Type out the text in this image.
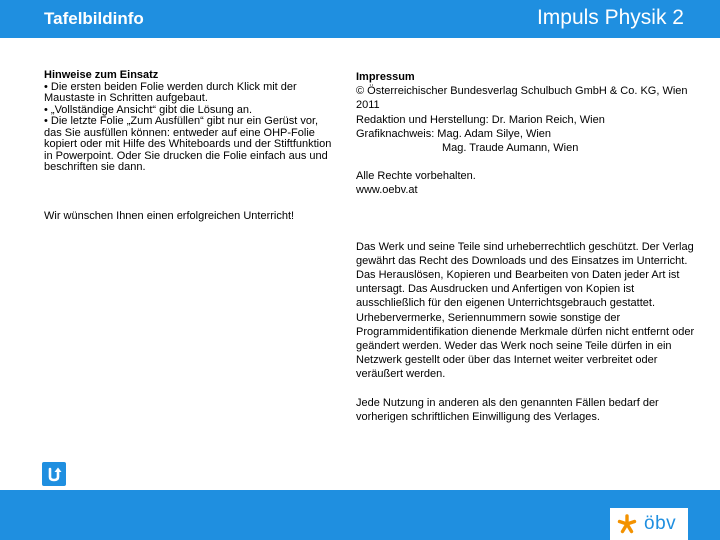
Tafelbildinfo	Impuls Physik 2
Hinweise zum Einsatz
• Die ersten beiden Folie werden durch Klick mit der Maustaste in Schritten aufgebaut.
• „Vollständige Ansicht“ gibt die Lösung an.
• Die letzte Folie „Zum Ausfüllen“ gibt nur ein Gerüst vor, das Sie ausfüllen können: entweder auf eine OHP-Folie kopiert oder mit Hilfe des Whiteboards und der Stiftfunktion in Powerpoint. Oder Sie drucken die Folie einfach aus und beschriften sie dann.
Wir wünschen Ihnen einen erfolgreichen Unterricht!
Impressum
© Österreichischer Bundesverlag Schulbuch GmbH & Co. KG, Wien 2011
Redaktion und Herstellung: Dr. Marion Reich, Wien
Grafiknachweis: Mag. Adam Silye, Wien
Mag. Traude Aumann, Wien
Alle Rechte vorbehalten.
www.oebv.at
Das Werk und seine Teile sind urheberrechtlich geschützt. Der Verlag gewährt das Recht des Downloads und des Einsatzes im Unterricht. Das Herauslösen, Kopieren und Bearbeiten von Daten jeder Art ist untersagt. Das Ausdrucken und Anfertigen von Kopien ist ausschließlich für den eigenen Unterrichtsgebrauch gestattet. Urhebervermerke, Seriennummern sowie sonstige der Programmidentifikation dienende Merkmale dürfen nicht entfernt oder geändert werden. Weder das Werk noch seine Teile dürfen in ein Netzwerk gestellt oder über das Internet weiter verbreitet oder veräußert werden.
Jede Nutzung in anderen als den genannten Fällen bedarf der vorherigen schriftlichen Einwilligung des Verlages.
öbv
